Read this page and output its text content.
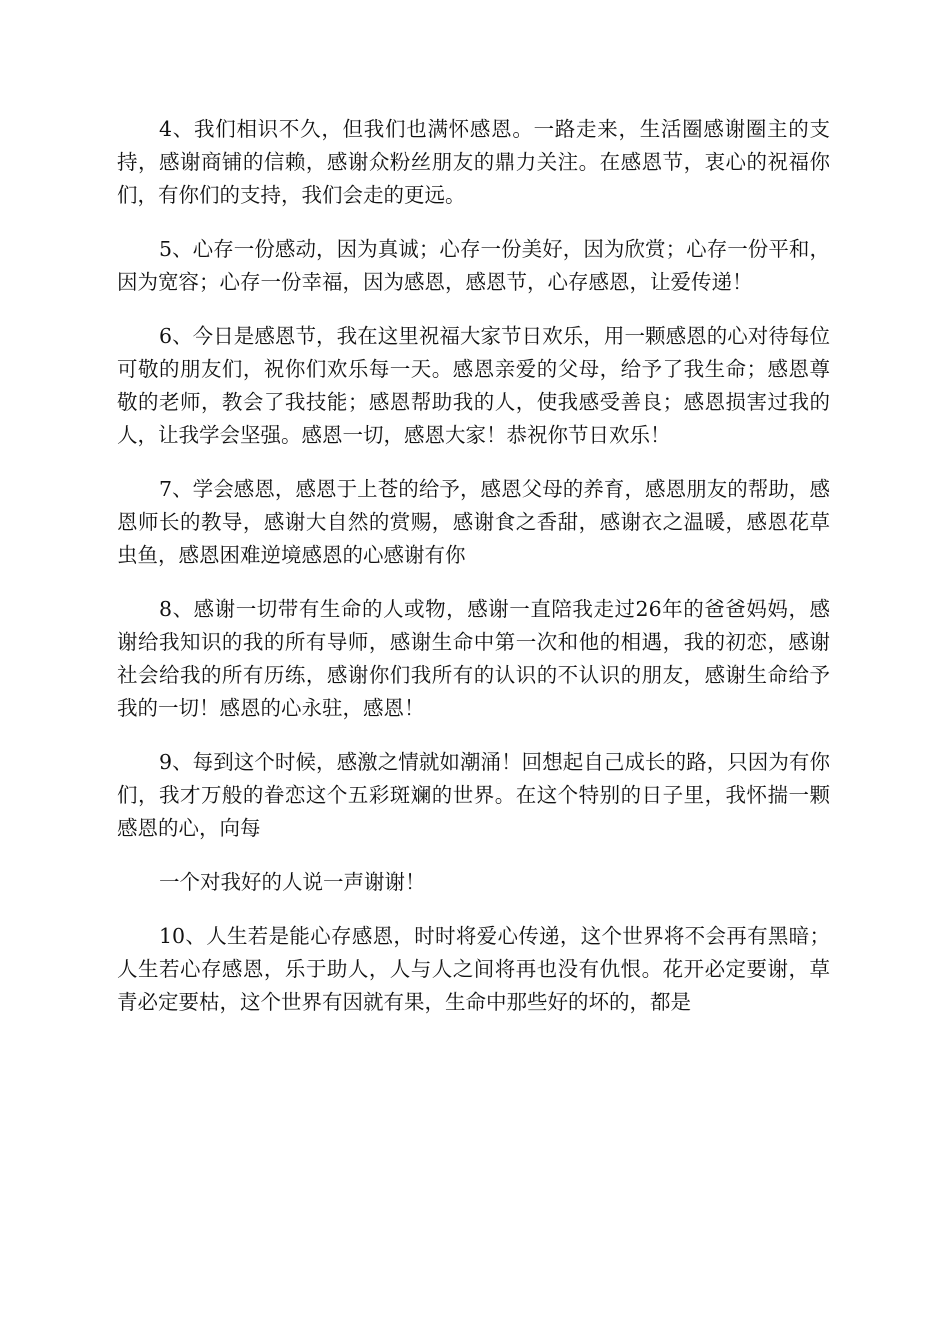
4、我们相识不久，但我们也满怀感恩。一路走来，生活圈感谢圈主的支持，感谢商铺的信赖，感谢众粉丝朋友的鼎力关注。在感恩节，衷心的祝福你们，有你们的支持，我们会走的更远。

5、心存一份感动，因为真诚；心存一份美好，因为欣赏；心存一份平和，因为宽容；心存一份幸福，因为感恩，感恩节，心存感恩，让爱传递！

6、今日是感恩节，我在这里祝福大家节日欢乐，用一颗感恩的心对待每位可敬的朋友们，祝你们欢乐每一天。感恩亲爱的父母，给予了我生命；感恩尊敬的老师，教会了我技能；感恩帮助我的人，使我感受善良；感恩损害过我的人，让我学会坚强。感恩一切，感恩大家！恭祝你节日欢乐！

7、学会感恩，感恩于上苍的给予，感恩父母的养育，感恩朋友的帮助，感恩师长的教导，感谢大自然的赏赐，感谢食之香甜，感谢衣之温暖，感恩花草虫鱼，感恩困难逆境感恩的心感谢有你

8、感谢一切带有生命的人或物，感谢一直陪我走过26年的爸爸妈妈，感谢给我知识的我的所有导师，感谢生命中第一次和他的相遇，我的初恋，感谢社会给我的所有历练，感谢你们我所有的认识的不认识的朋友，感谢生命给予我的一切！感恩的心永驻，感恩！

9、每到这个时候，感激之情就如潮涌！回想起自己成长的路，只因为有你们，我才万般的眷恋这个五彩斑斓的世界。在这个特别的日子里，我怀揣一颗感恩的心，向每

一个对我好的人说一声谢谢！

10、人生若是能心存感恩，时时将爱心传递，这个世界将不会再有黑暗；人生若心存感恩，乐于助人，人与人之间将再也没有仇恨。花开必定要谢，草青必定要枯，这个世界有因就有果，生命中那些好的坏的，都是
